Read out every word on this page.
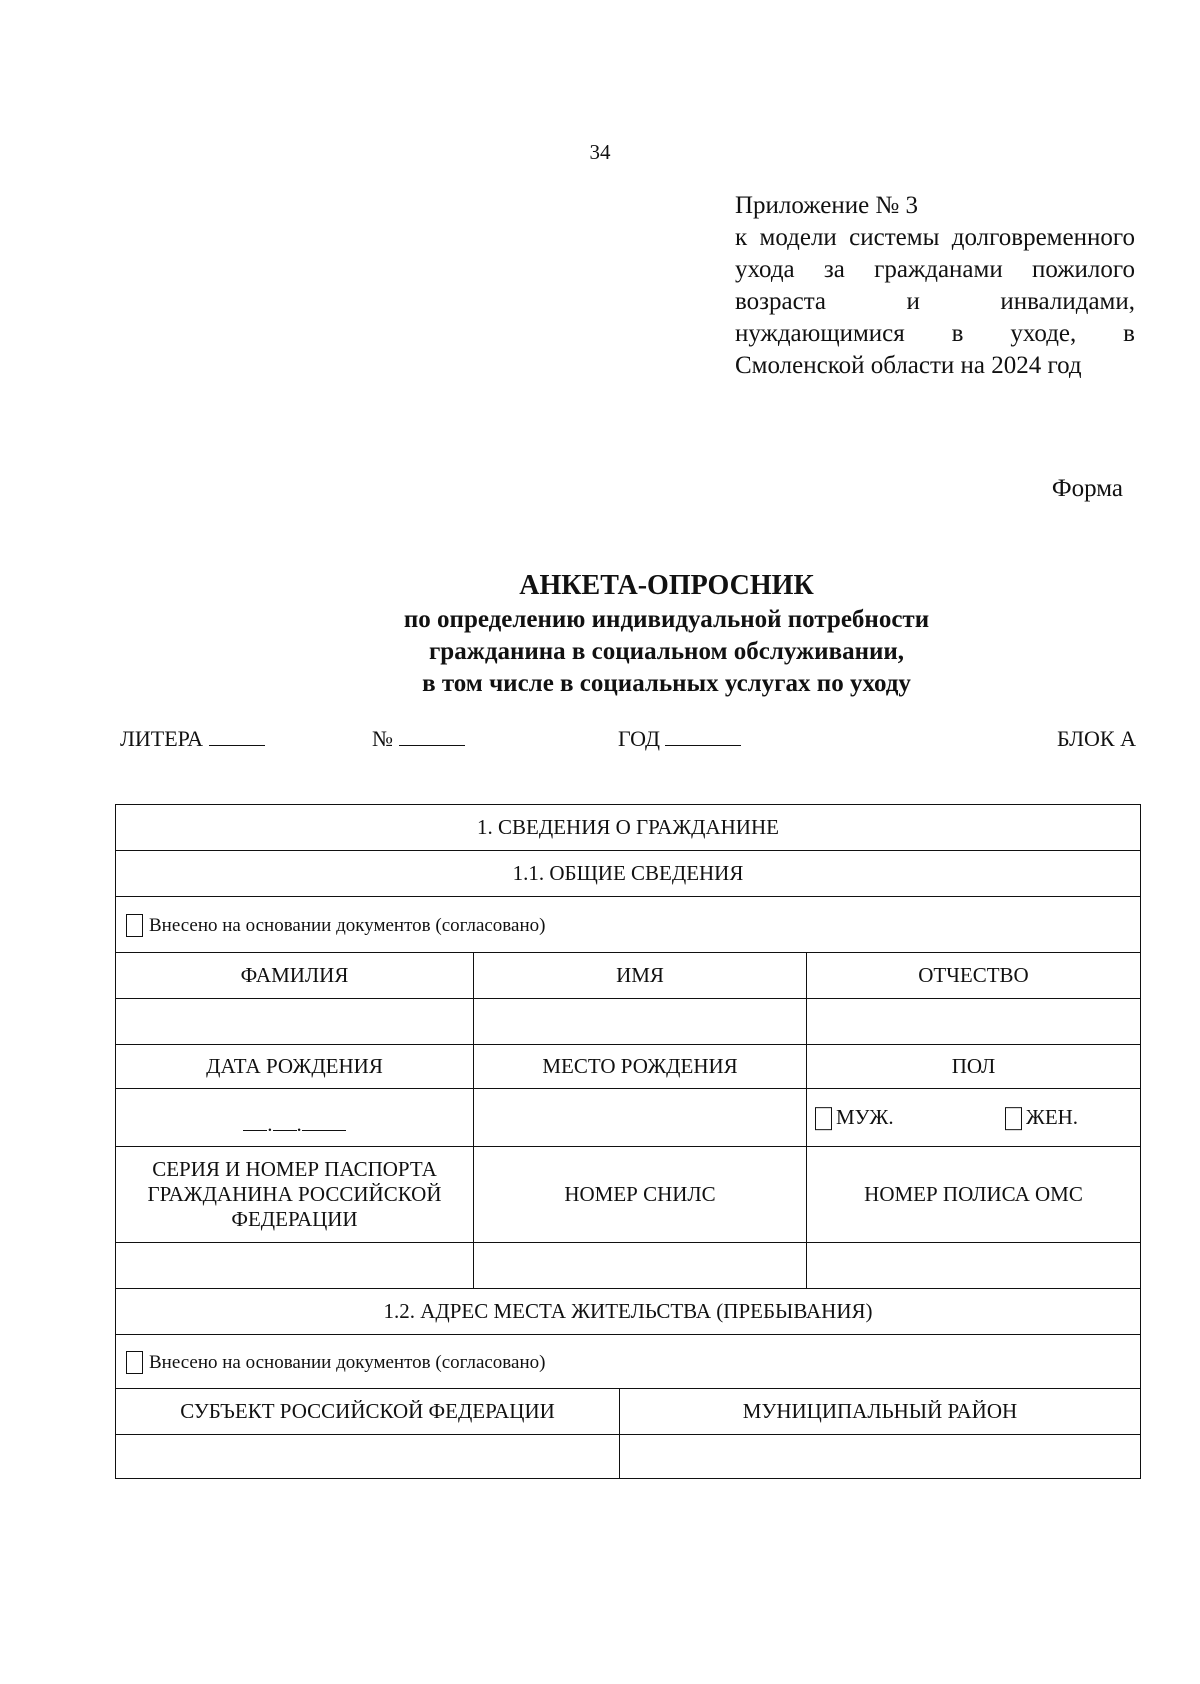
34
Приложение № 3
к модели системы долговременного ухода за гражданами пожилого возраста и инвалидами, нуждающимися в уходе, в Смоленской области на 2024 год
Форма
АНКЕТА-ОПРОСНИК
по определению индивидуальной потребности
гражданина в социальном обслуживании,
в том числе в социальных услугах по уходу
ЛИТЕРА	№	ГОД	БЛОК А
1. СВЕДЕНИЯ О ГРАЖДАНИНЕ			
1.1. ОБЩИЕ СВЕДЕНИЯ			
Внесено на основании документов (согласовано)			
ФАМИЛИЯ	ИМЯ		ОТЧЕСТВО

ДАТА РОЖДЕНИЯ	МЕСТО РОЖДЕНИЯ		ПОЛ
. .			МУЖ. ЖЕН.

СЕРИЯ И НОМЕР ПАСПОРТА ГРАЖДАНИНА РОССИЙСКОЙ ФЕДЕРАЦИИ	НОМЕР СНИЛС		НОМЕР ПОЛИСА ОМС

1.2. АДРЕС МЕСТА ЖИТЕЛЬСТВА (ПРЕБЫВАНИЯ)			
Внесено на основании документов (согласовано)			
СУБЪЕКТ РОССИЙСКОЙ ФЕДЕРАЦИИ		МУНИЦИПАЛЬНЫЙ РАЙОН	
